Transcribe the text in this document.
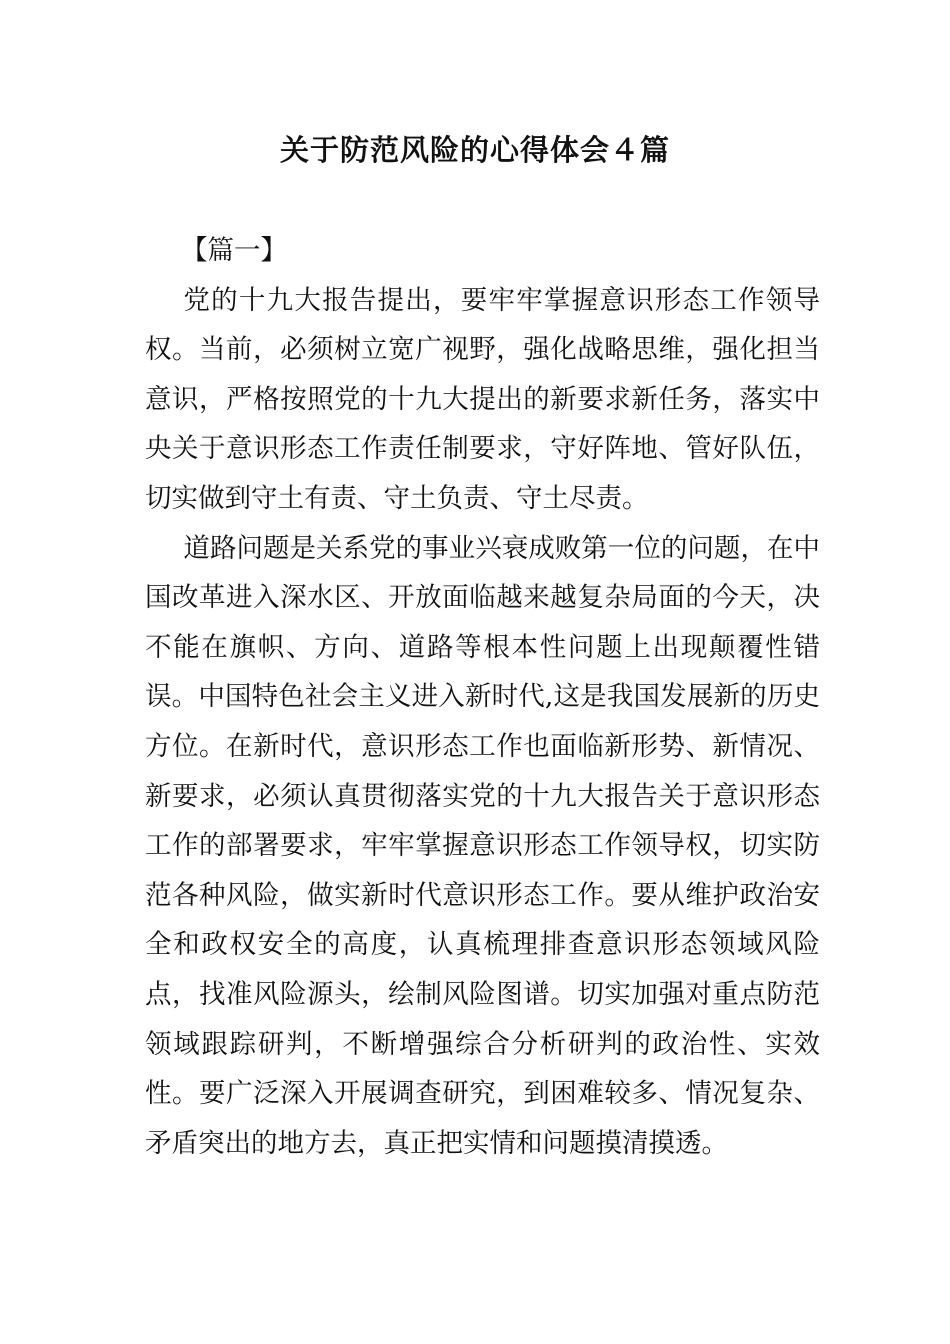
关于防范风险的心得体会４篇

【篇一】

党的十九大报告提出，要牢牢掌握意识形态工作领导权。当前，必须树立宽广视野，强化战略思维，强化担当意识，严格按照党的十九大提出的新要求新任务，落实中央关于意识形态工作责任制要求，守好阵地、管好队伍，切实做到守土有责、守土负责、守土尽责。

道路问题是关系党的事业兴衰成败第一位的问题，在中国改革进入深水区、开放面临越来越复杂局面的今天，决不能在旗帜、方向、道路等根本性问题上出现颠覆性错误。中国特色社会主义进入新时代,这是我国发展新的历史方位。在新时代，意识形态工作也面临新形势、新情况、新要求，必须认真贯彻落实党的十九大报告关于意识形态工作的部署要求，牢牢掌握意识形态工作领导权，切实防范各种风险，做实新时代意识形态工作。要从维护政治安全和政权安全的高度，认真梳理排查意识形态领域风险点，找准风险源头，绘制风险图谱。切实加强对重点防范领域跟踪研判，不断增强综合分析研判的政治性、实效性。要广泛深入开展调查研究，到困难较多、情况复杂、矛盾突出的地方去，真正把实情和问题摸清摸透。
